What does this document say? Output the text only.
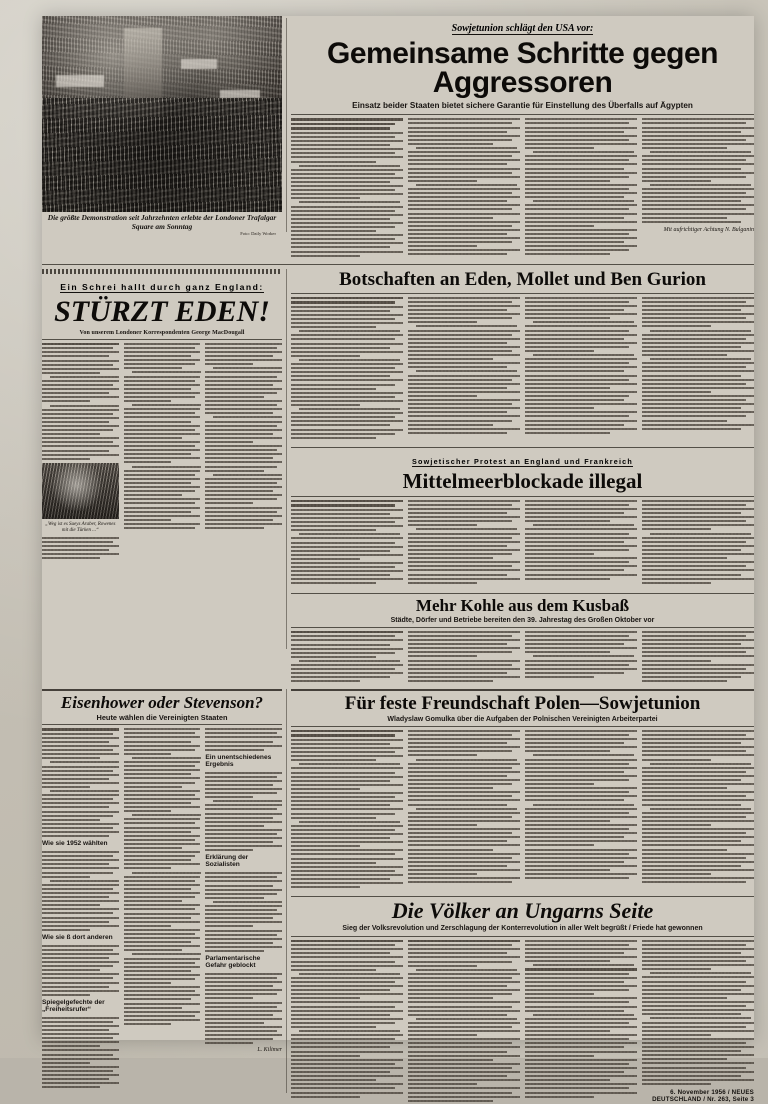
Die größte Demonstration seit Jahrzehnten erlebte der Londoner Trafalgar Square am Sonntag
Foto: Daily Worker
Sowjetunion schlägt den USA vor:
Gemeinsame Schritte gegen Aggressoren
Einsatz beider Staaten bietet sichere Garantie für Einstellung des Überfalls auf Ägypten
Mit aufrichtiger Achtung N. Bulganin
Ein Schrei hallt durch ganz England:
STÜRZT EDEN!
Von unserem Londoner Korrespondenten George MacDougall
„Weg ist es Sueys Araber, Rowenes mit die Türken ...“
Botschaften an Eden, Mollet und Ben Gurion
Sowjetischer Protest an England und Frankreich
Mittelmeerblockade illegal
Mehr Kohle aus dem Kusbaß
Städte, Dörfer und Betriebe bereiten den 39. Jahrestag des Großen Oktober vor
Eisenhower oder Stevenson?
Heute wählen die Vereinigten Staaten
Wie sie 1952 wählten
Wie sie ß dort anderen
Spiegelgefechte der „Freiheitsrufer“
Ein unentschiedenes Ergebnis
Erklärung der Sozialisten
Parlamentarische Gefahr geblockt
L. Kilimer
Für feste Freundschaft Polen—Sowjetunion
Wladyslaw Gomulka über die Aufgaben der Polnischen Vereinigten Arbeiterpartei
Die Völker an Ungarns Seite
Sieg der Volksrevolution und Zerschlagung der Konterrevolution in aller Welt begrüßt / Friede hat gewonnen
6. November 1956 / NEUES DEUTSCHLAND / Nr. 263, Seite 3
